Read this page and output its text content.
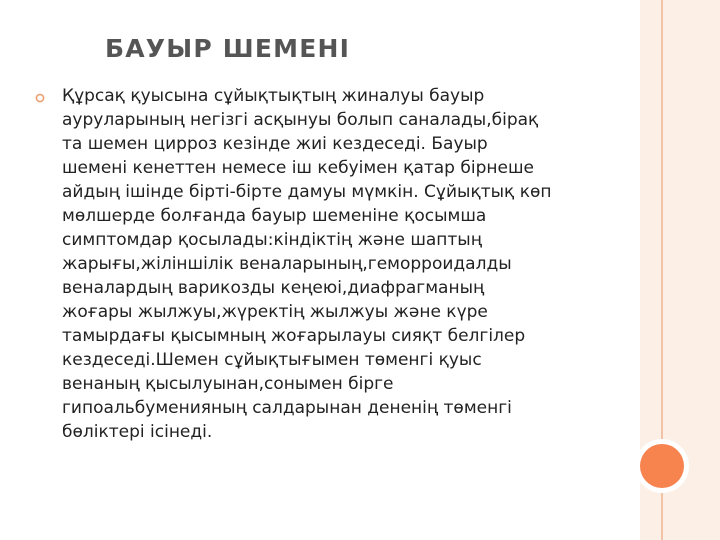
БАУЫР ШЕМЕНІ
Құрсақ қуысына сұйықтықтың жиналуы бауыр
ауруларының негізгі асқынуы болып саналады,бірақ
та шемен цирроз кезінде жиі кездеседі. Бауыр
шемені кенеттен немесе іш кебуімен қатар бірнеше
айдың ішінде бірті-бірте дамуы мүмкін. Сұйықтық көп
мөлшерде болғанда бауыр шеменіне қосымша
симптомдар қосылады:кіндіктің және шаптың
жарығы,жіліншілік веналарының,геморроидалды
веналардың варикозды кеңеюі,диафрагманың
жоғары жылжуы,жүректің жылжуы және күре
тамырдағы қысымның жоғарылауы сияқт белгілер
кездеседі.Шемен сұйықтығымен төменгі қуыс
венаның қысылуынан,сонымен бірге
гипоальбуменияның салдарынан дененің төменгі
бөліктері ісінеді.
